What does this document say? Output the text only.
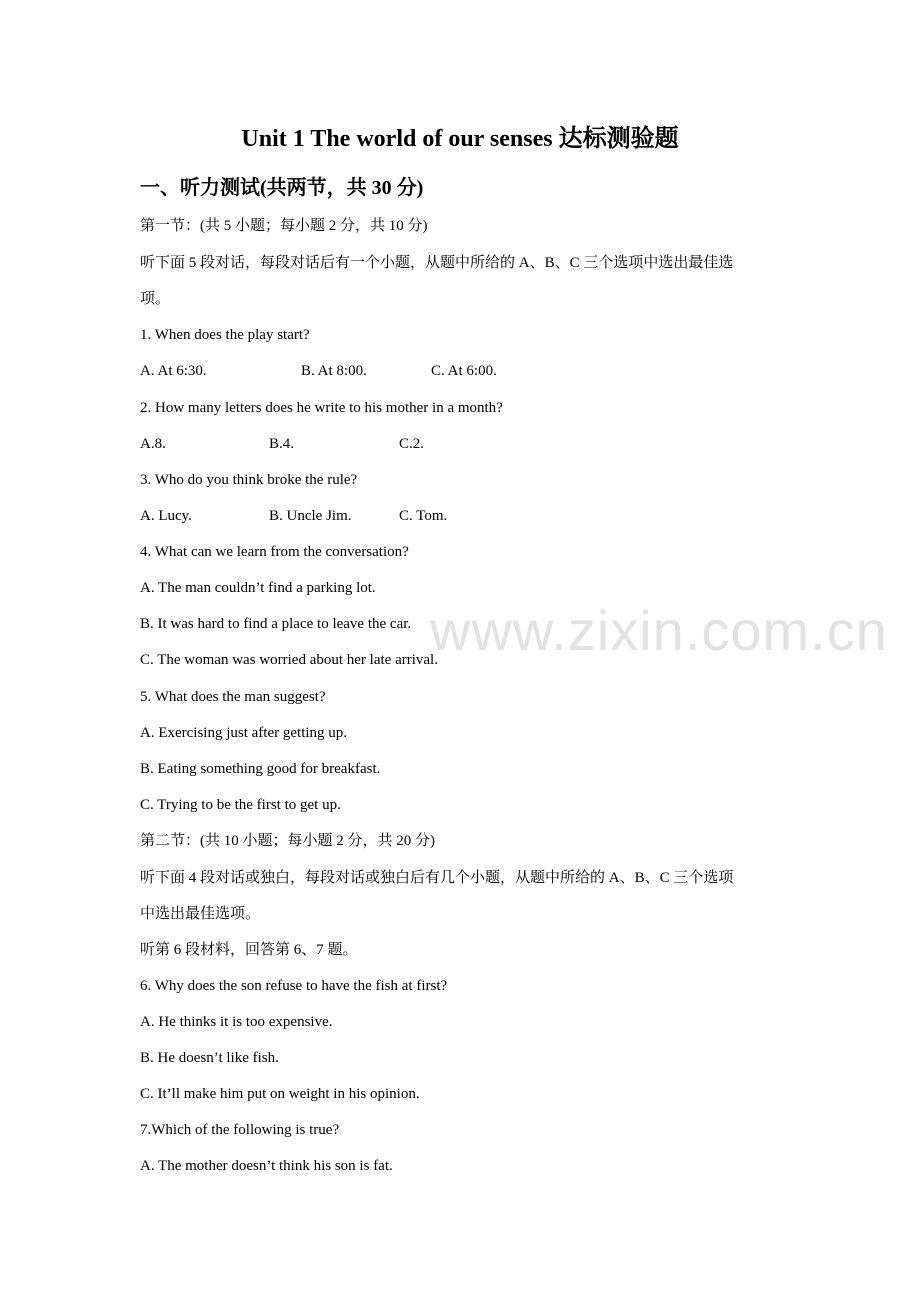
www.zixin.com.cn
Unit 1 The world of our senses 达标测验题
一、听力测试(共两节，共 30 分)
第一节：(共 5 小题；每小题 2 分，共 10 分)
听下面 5 段对话，每段对话后有一个小题，从题中所给的 A、B、C 三个选项中选出最佳选
项。
1. When does the play start?
A. At 6:30.	B. At 8:00.	C. At 6:00.
2. How many letters does he write to his mother in a month?
A.8.	B.4.	C.2.
3. Who do you think broke the rule?
A. Lucy.	B. Uncle Jim.	C. Tom.
4. What can we learn from the conversation?
A. The man couldn’t find a parking lot.
B. It was hard to find a place to leave the car.
C. The woman was worried about her late arrival.
5. What does the man suggest?
A. Exercising just after getting up.
B. Eating something good for breakfast.
C. Trying to be the first to get up.
第二节：(共 10 小题；每小题 2 分，共 20 分)
听下面 4 段对话或独白，每段对话或独白后有几个小题，从题中所给的 A、B、C 三个选项
中选出最佳选项。
听第 6 段材料，回答第 6、7 题。
6. Why does the son refuse to have the fish at first?
A. He thinks it is too expensive.
B. He doesn’t like fish.
C. It’ll make him put on weight in his opinion.
7.Which of the following is true?
A. The mother doesn’t think his son is fat.
